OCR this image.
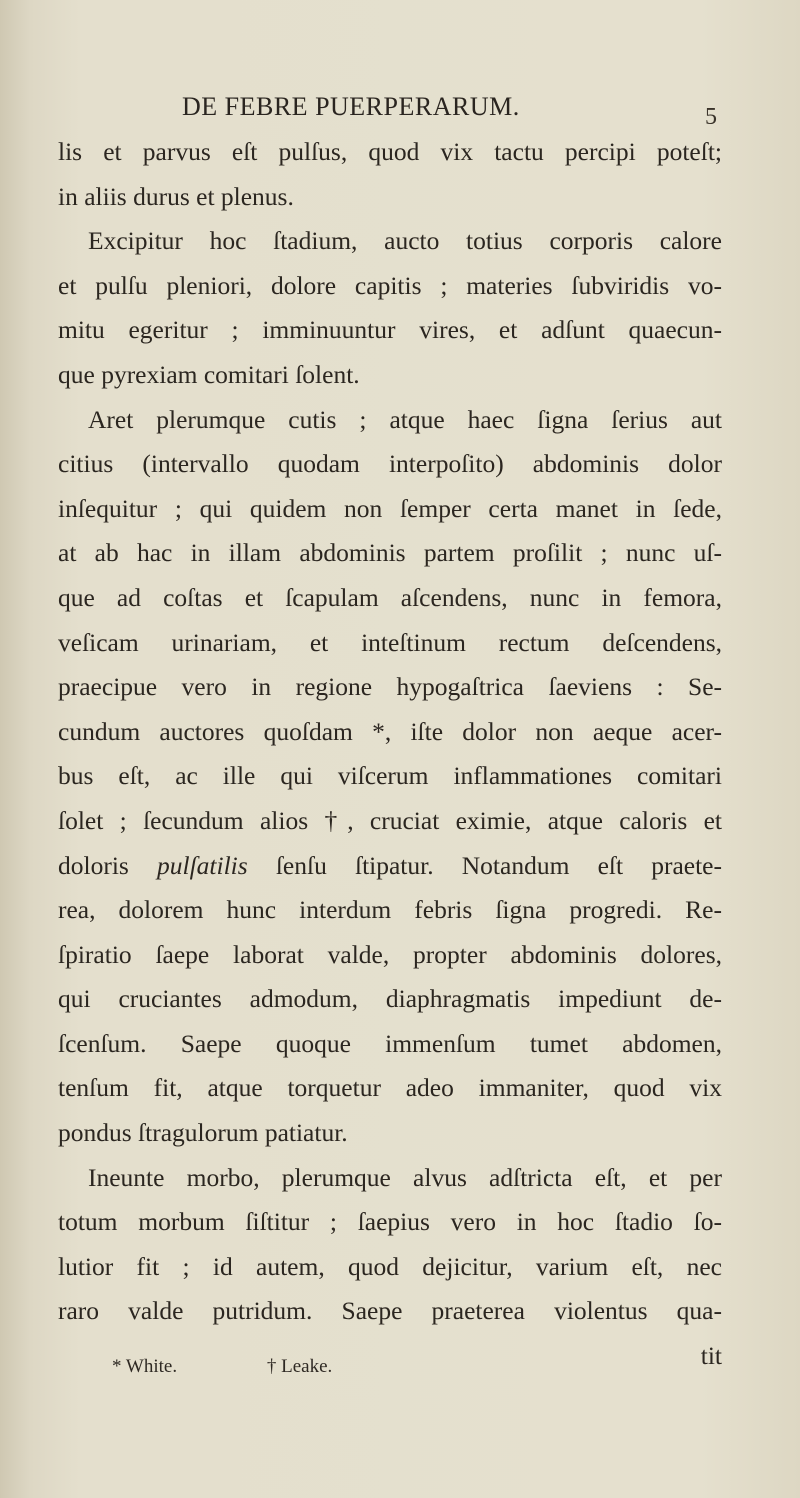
DE FEBRE PUERPERARUM.	5
lis et parvus eſt pulſus, quod vix tactu percipi poteſt;
in aliis durus et plenus.
Excipitur hoc ſtadium, aucto totius corporis calore
et pulſu pleniori, dolore capitis ; materies ſubviridis vo-
mitu egeritur ; imminuuntur vires, et adſunt quaecun-
que pyrexiam comitari ſolent.
Aret plerumque cutis ; atque haec ſigna ſerius aut
citius (intervallo quodam interpoſito) abdominis dolor
inſequitur ; qui quidem non ſemper certa manet in ſede,
at ab hac in illam abdominis partem proſilit ; nunc uſ-
que ad coſtas et ſcapulam aſcendens, nunc in femora,
veſicam urinariam, et inteſtinum rectum deſcendens,
praecipue vero in regione hypogaſtrica ſaeviens : Se-
cundum auctores quoſdam *, iſte dolor non aeque acer-
bus eſt, ac ille qui viſcerum inflammationes comitari
ſolet ; ſecundum alios †, cruciat eximie, atque caloris et
doloris pulſatilis ſenſu ſtipatur. Notandum eſt praete-
rea, dolorem hunc interdum febris ſigna progredi. Re-
ſpiratio ſaepe laborat valde, propter abdominis dolores,
qui cruciantes admodum, diaphragmatis impediunt de-
ſcenſum. Saepe quoque immenſum tumet abdomen,
tenſum fit, atque torquetur adeo immaniter, quod vix
pondus ſtragulorum patiatur.
Ineunte morbo, plerumque alvus adſtricta eſt, et per
totum morbum ſiſtitur ; ſaepius vero in hoc ſtadio ſo-
lutior fit ; id autem, quod dejicitur, varium eſt, nec
raro valde putridum. Saepe praeterea violentus qua-
tit
* White.	† Leake.
